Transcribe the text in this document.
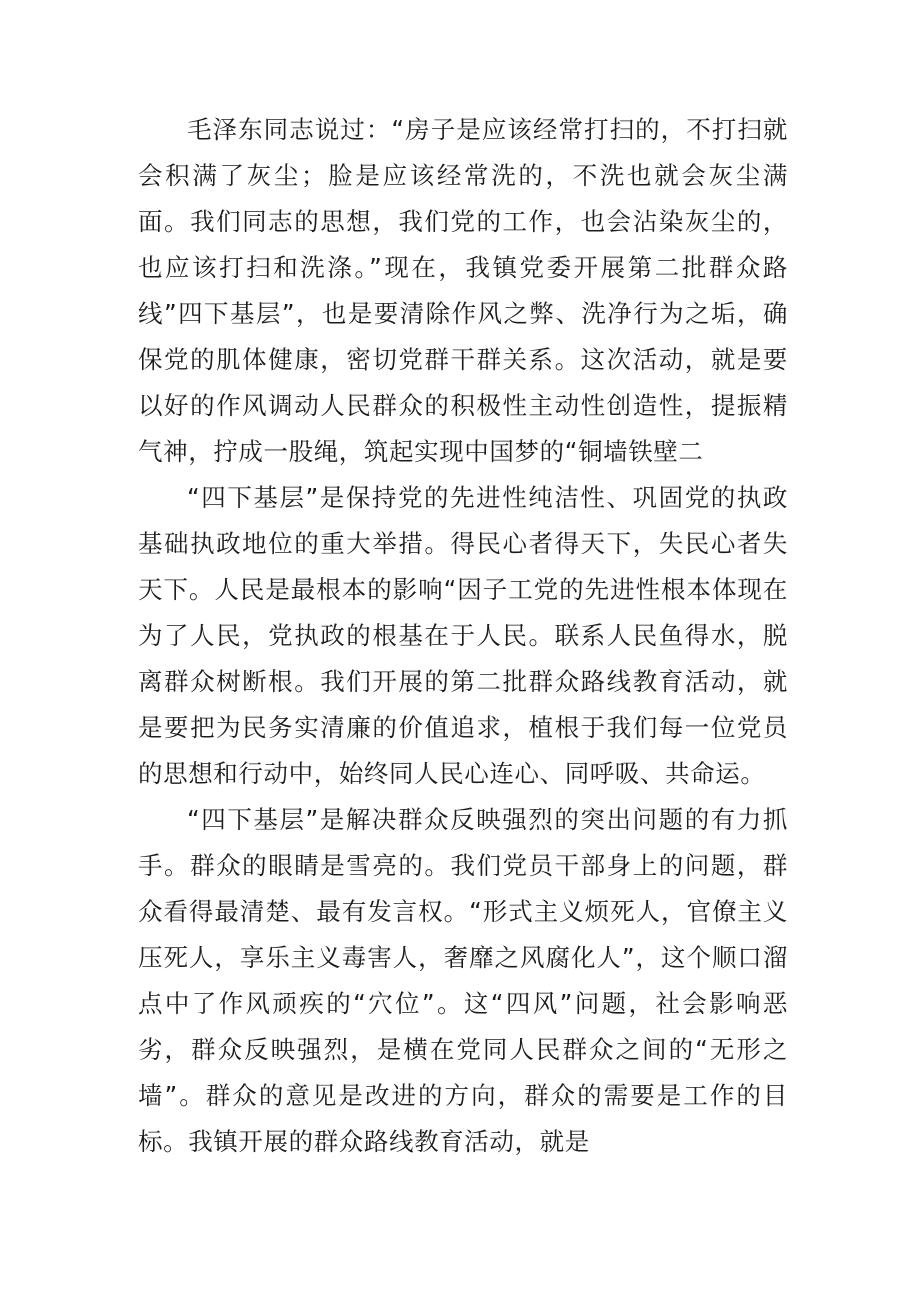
毛泽东同志说过：“房子是应该经常打扫的，不打扫就会积满了灰尘；脸是应该经常洗的，不洗也就会灰尘满面。我们同志的思想，我们党的工作，也会沾染灰尘的，也应该打扫和洗涤。”现在，我镇党委开展第二批群众路线”四下基层”，也是要清除作风之弊、洗净行为之垢，确保党的肌体健康，密切党群干群关系。这次活动，就是要以好的作风调动人民群众的积极性主动性创造性，提振精气神，拧成一股绳，筑起实现中国梦的“铜墙铁壁二

“四下基层”是保持党的先进性纯洁性、巩固党的执政基础执政地位的重大举措。得民心者得天下，失民心者失天下。人民是最根本的影响“因子工党的先进性根本体现在为了人民，党执政的根基在于人民。联系人民鱼得水，脱离群众树断根。我们开展的第二批群众路线教育活动，就是要把为民务实清廉的价值追求，植根于我们每一位党员的思想和行动中，始终同人民心连心、同呼吸、共命运。

“四下基层”是解决群众反映强烈的突出问题的有力抓手。群众的眼睛是雪亮的。我们党员干部身上的问题，群众看得最清楚、最有发言权。“形式主义烦死人，官僚主义压死人，享乐主义毒害人，奢靡之风腐化人”，这个顺口溜点中了作风顽疾的“穴位”。这“四风”问题，社会影响恶劣，群众反映强烈，是横在党同人民群众之间的“无形之墙”。群众的意见是改进的方向，群众的需要是工作的目标。我镇开展的群众路线教育活动，就是
